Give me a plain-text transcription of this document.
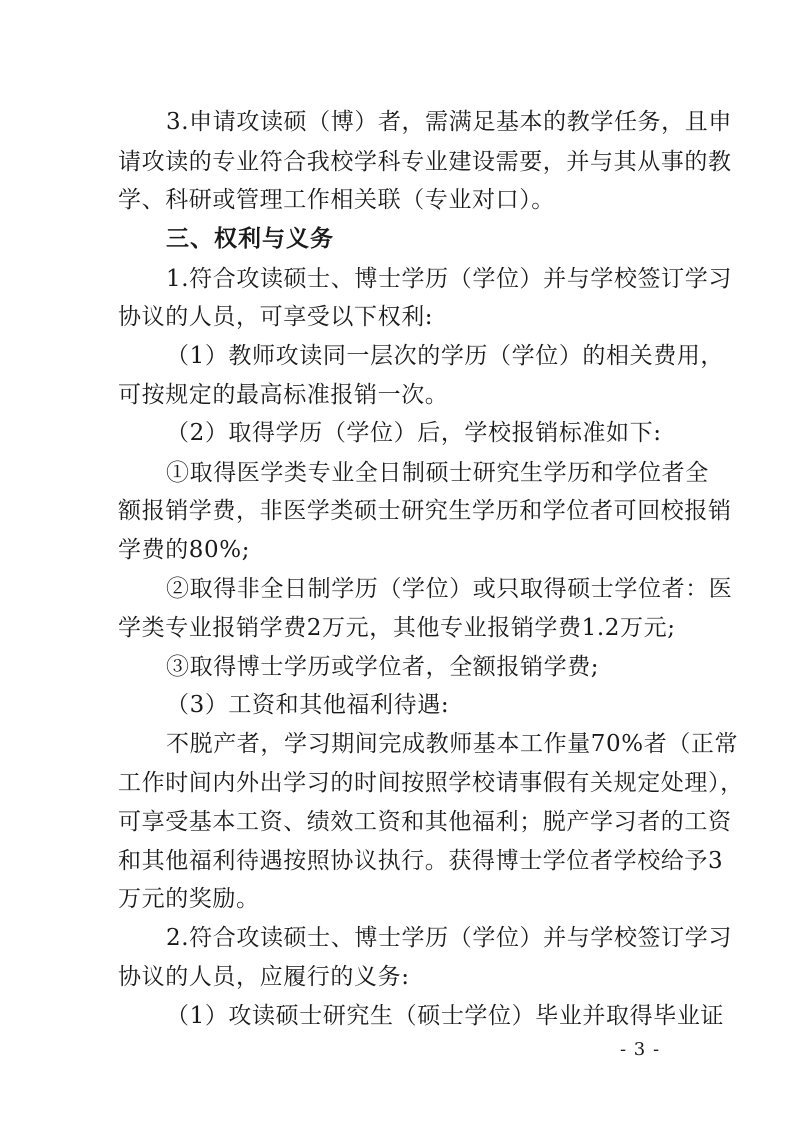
3.申请攻读硕（博）者，需满足基本的教学任务，且申
请攻读的专业符合我校学科专业建设需要，并与其从事的教
学、科研或管理工作相关联（专业对口）。
三、权利与义务
1.符合攻读硕士、博士学历（学位）并与学校签订学习
协议的人员，可享受以下权利:
（1）教师攻读同一层次的学历（学位）的相关费用，
可按规定的最高标准报销一次。
（2）取得学历（学位）后，学校报销标准如下:
①取得医学类专业全日制硕士研究生学历和学位者全
额报销学费，非医学类硕士研究生学历和学位者可回校报销
学费的80%;
②取得非全日制学历（学位）或只取得硕士学位者：医
学类专业报销学费2万元，其他专业报销学费1.2万元;
③取得博士学历或学位者，全额报销学费;
（3）工资和其他福利待遇:
不脱产者，学习期间完成教师基本工作量70%者（正常
工作时间内外出学习的时间按照学校请事假有关规定处理），
可享受基本工资、绩效工资和其他福利；脱产学习者的工资
和其他福利待遇按照协议执行。获得博士学位者学校给予3
万元的奖励。
2.符合攻读硕士、博士学历（学位）并与学校签订学习
协议的人员，应履行的义务:
（1）攻读硕士研究生（硕士学位）毕业并取得毕业证
- 3 -
